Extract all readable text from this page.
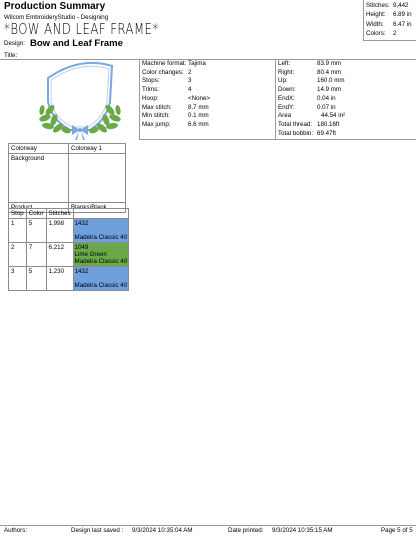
Production Summary
Wilcom EmbroideryStudio - Designing
*BOW AND LEAF FRAME*
Design: Bow and Leaf Frame
Title:
Stitches: 9,442
Height: 6.89 in
Width: 6.47 in
Colors: 2
Machine format: Tajima
Color changes: 2
Stops:	3
Trims:	4
Hoop:	<None>
Max stitch:	8.7 mm
Min stitch:	0.1 mm
Max jump:	6.6 mm
Left:	83.9 mm
Right:	80.4 mm
Up:	160.0 mm
Down:	14.9 mm
EndX:	0.04 in
EndY:	0.07 in
Area	44.54 in²
Total thread: 180.16ft
Total bobbin: 69.47ft
Colorway	Colorway 1
Background	
Product	Blanks\Blank
Stop	Color	Stitches	
1	5	1,998	1432
Madeira Classic 40

2	7	6,212	1049
Lime Green
Madeira Classic 40

3	5	1,230	1432
Madeira Classic 40
Authors:	Design last saved : 9/3/2024 10:35:04 AM	Date printed: 9/3/2024 10:35:15 AM	Page 5 of 5
